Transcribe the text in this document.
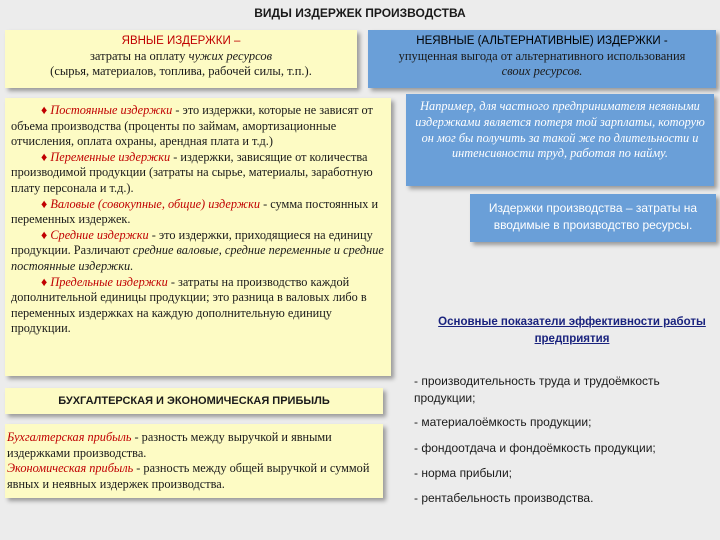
ВИДЫ ИЗДЕРЖЕК ПРОИЗВОДСТВА
ЯВНЫЕ ИЗДЕРЖКИ –
затраты на оплату чужих ресурсов
(сырья, материалов, топлива, рабочей силы, т.п.).
НЕЯВНЫЕ (АЛЬТЕРНАТИВНЫЕ) ИЗДЕРЖКИ -
упущенная выгода от альтернативного использования
своих ресурсов.

♦ Постоянные издержки - это издержки, которые не зависят от объема производства (проценты по займам, амортизационные отчисления, оплата охраны, арендная плата и т.д.)

♦ Переменные издержки - издержки, зависящие от количества производимой продукции (затраты на сырье, материалы, заработную плату персонала и т.д.).

♦ Валовые (совокупные, общие) издержки - сумма постоянных и переменных издержек.

♦ Средние издержки - это издержки, приходящиеся на единицу продукции. Различают средние валовые, средние переменные и средние постоянные издержки.

♦ Предельные издержки - затраты на производство каждой дополнительной единицы продукции; это разница в валовых либо в переменных издержках на каждую дополнительную единицу продукции.

БУХГАЛТЕРСКАЯ И ЭКОНОМИЧЕСКАЯ ПРИБЫЛЬ

Бухгалтерская прибыль - разность между выручкой и явными издержками производства.

Экономическая прибыль - разность между общей выручкой и суммой явных и неявных издержек производства.

Например, для частного предпринимателя неявными издержками является потеря той зарплаты, которую он мог бы получить за такой же по длительности и интенсивности труд, работая по найму.
Издержки производства – затраты на вводимые в производство ресурсы.
Основные показатели эффективности работы предприятия
- производительность труда и трудоёмкость продукции;
- материалоёмкость продукции;
- фондоотдача и фондоёмкость продукции;
- норма прибыли;
- рентабельность производства.
